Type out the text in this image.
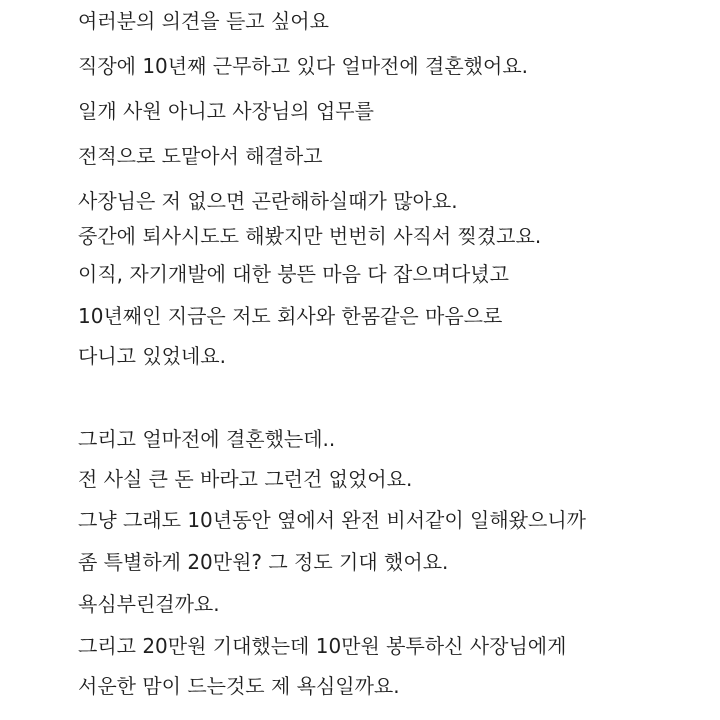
여러분의 의견을 듣고 싶어요
직장에 10년째 근무하고 있다 얼마전에 결혼했어요.
일개 사원 아니고 사장님의 업무를
전적으로 도맡아서 해결하고
사장님은 저 없으면 곤란해하실때가 많아요.
중간에 퇴사시도도 해봤지만 번번히 사직서 찢겼고요.
이직, 자기개발에 대한 붕뜬 마음 다 잡으며다녔고
10년째인 지금은 저도 회사와 한몸같은 마음으로
다니고 있었네요.
그리고 얼마전에 결혼했는데..
전 사실 큰 돈 바라고 그런건 없었어요.
그냥 그래도 10년동안 옆에서 완전 비서같이 일해왔으니까
좀 특별하게 20만원? 그 정도 기대 했어요.
욕심부린걸까요.
그리고 20만원 기대했는데 10만원 봉투하신 사장님에게
서운한 맘이 드는것도 제 욕심일까요.
